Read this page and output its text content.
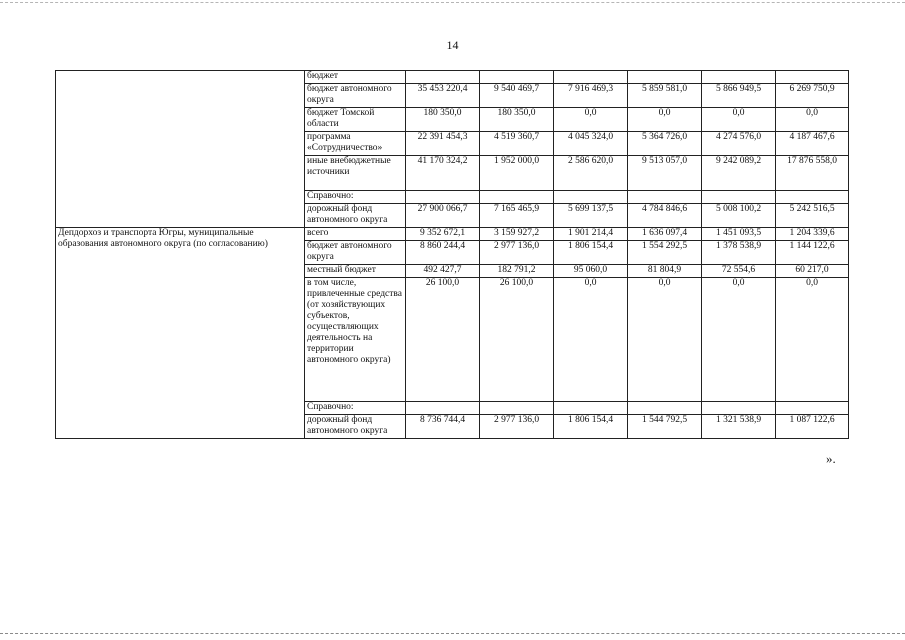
14
	бюджет						
	бюджет автономного округа	35 453 220,4	9 540 469,7	7 916 469,3	5 859 581,0	5 866 949,5	6 269 750,9
	бюджет Томской области	180 350,0	180 350,0	0,0	0,0	0,0	0,0
	программа «Сотрудничество»	22 391 454,3	4 519 360,7	4 045 324,0	5 364 726,0	4 274 576,0	4 187 467,6
	иные внебюджетные источники	41 170 324,2	1 952 000,0	2 586 620,0	9 513 057,0	9 242 089,2	17 876 558,0
	Справочно:						
	дорожный фонд автономного округа	27 900 066,7	7 165 465,9	5 699 137,5	4 784 846,6	5 008 100,2	5 242 516,5
Депдорхоз и транспорта Югры, муниципальные образования автономного округа (по согласованию)	всего	9 352 672,1	3 159 927,2	1 901 214,4	1 636 097,4	1 451 093,5	1 204 339,6
	бюджет автономного округа	8 860 244,4	2 977 136,0	1 806 154,4	1 554 292,5	1 378 538,9	1 144 122,6
	местный бюджет	492 427,7	182 791,2	95 060,0	81 804,9	72 554,6	60 217,0
	в том числе, привлеченные средства (от хозяйствующих субъектов, осуществляющих деятельность на территории автономного округа)	26 100,0	26 100,0	0,0	0,0	0,0	0,0
	Справочно:						
	дорожный фонд автономного округа	8 736 744,4	2 977 136,0	1 806 154,4	1 544 792,5	1 321 538,9	1 087 122,6
».
